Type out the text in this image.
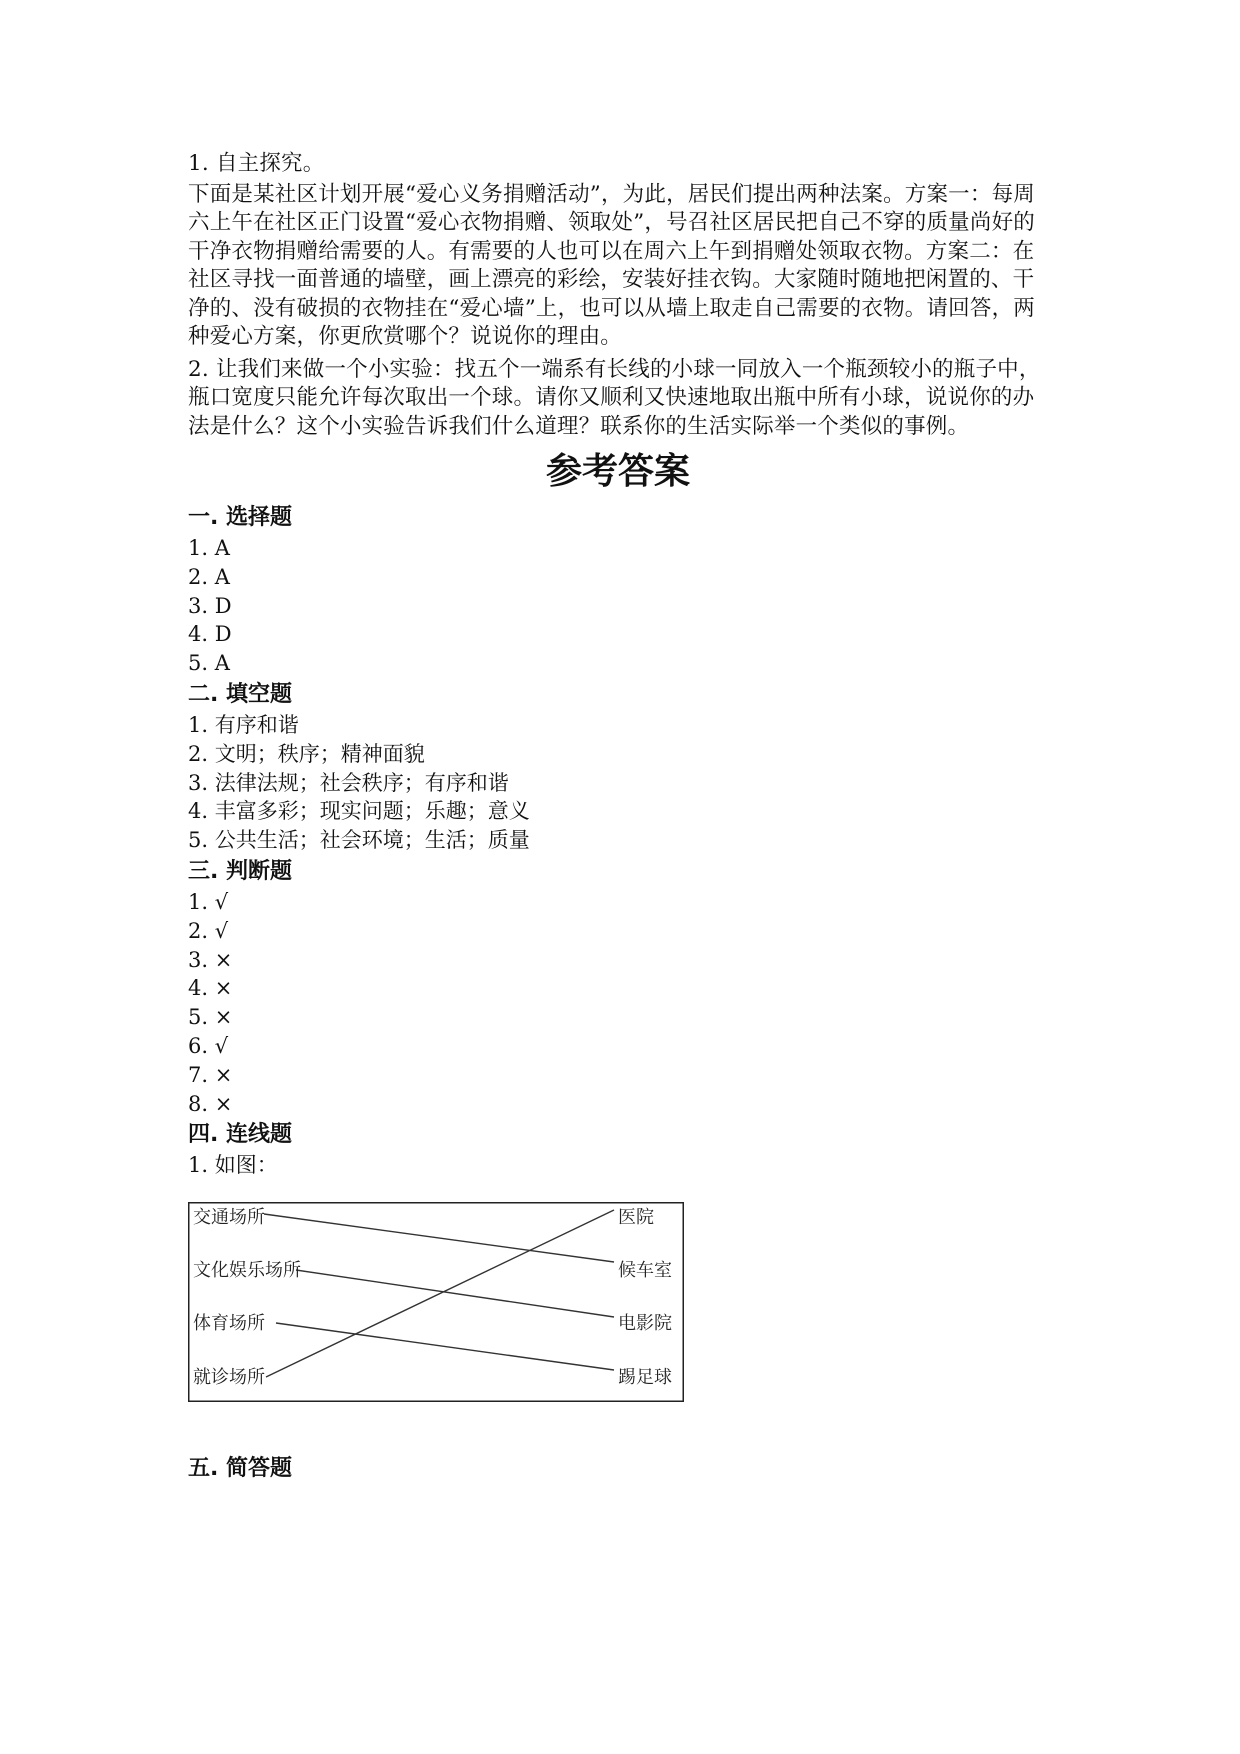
1. 自主探究。

下面是某社区计划开展“爱心义务捐赠活动”，为此，居民们提出两种法案。方案一：每周六上午在社区正门设置“爱心衣物捐赠、领取处”，号召社区居民把自己不穿的质量尚好的干净衣物捐赠给需要的人。有需要的人也可以在周六上午到捐赠处领取衣物。方案二：在社区寻找一面普通的墙壁，画上漂亮的彩绘，安装好挂衣钩。大家随时随地把闲置的、干净的、没有破损的衣物挂在“爱心墙”上，也可以从墙上取走自己需要的衣物。请回答，两种爱心方案，你更欣赏哪个？说说你的理由。

2. 让我们来做一个小实验：找五个一端系有长线的小球一同放入一个瓶颈较小的瓶子中，瓶口宽度只能允许每次取出一个球。请你又顺利又快速地取出瓶中所有小球，说说你的办法是什么？这个小实验告诉我们什么道理？联系你的生活实际举一个类似的事例。

参考答案

一. 选择题

1. A

2. A

3. D

4. D

5. A

二. 填空题

1. 有序和谐

2. 文明；秩序；精神面貌

3. 法律法规；社会秩序；有序和谐

4. 丰富多彩；现实问题；乐趣；意义

5. 公共生活；社会环境；生活；质量

三. 判断题

1. √

2. √

3. ×

4. ×

5. ×

6. √

7. ×

8. ×

四. 连线题

1. 如图：

交通场所
文化娱乐场所
体育场所
就诊场所
医院
候车室
电影院
踢足球

五. 简答题
